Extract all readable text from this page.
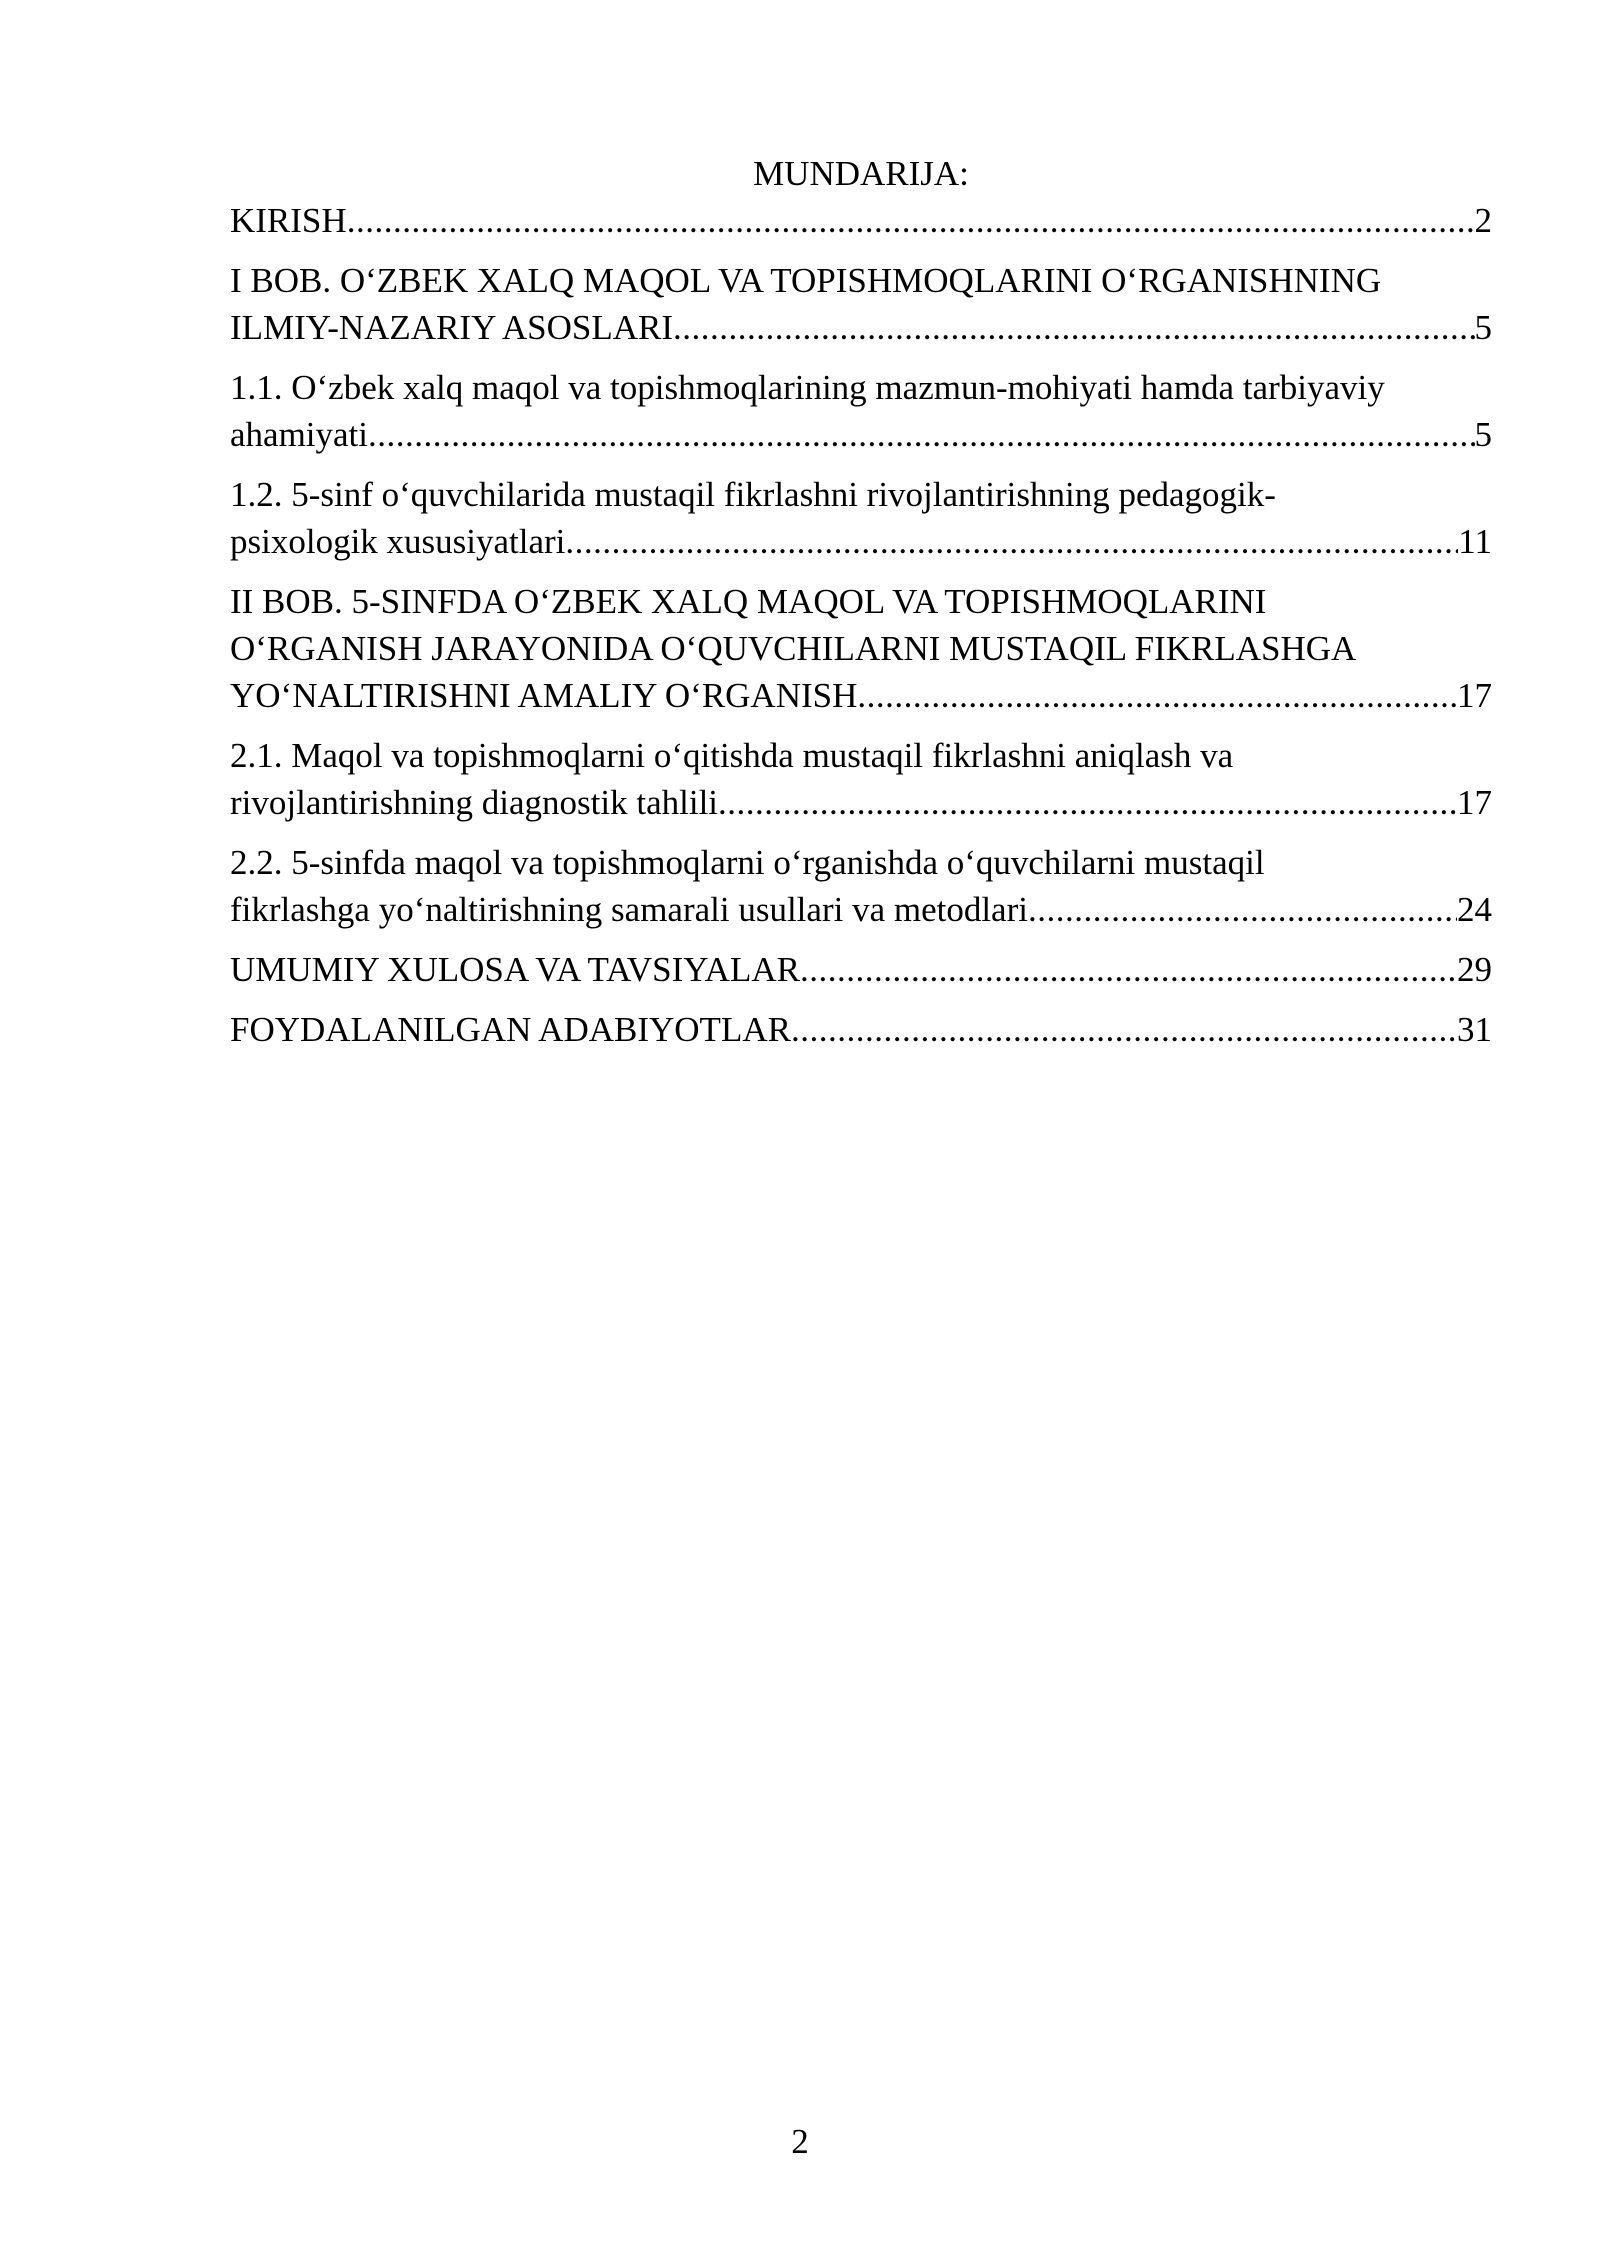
MUNDARIJA:
KIRISH .....	2
I BOB. O‘ZBEK XALQ MAQOL VA TOPISHMOQLARINI O‘RGANISHNING
ILMIY-NAZARIY ASOSLARI .....	5
1.1. O‘zbek xalq maqol va topishmoqlarining mazmun-mohiyati hamda tarbiyaviy
ahamiyati .....	5
1.2. 5-sinf o‘quvchilarida mustaqil fikrlashni rivojlantirishning pedagogik-
psixologik xususiyatlari .....	11
II BOB. 5-SINFDA O‘ZBEK XALQ MAQOL VA TOPISHMOQLARINI
O‘RGANISH JARAYONIDA O‘QUVCHILARNI MUSTAQIL FIKRLASHGA
YO‘NALTIRISHNI AMALIY O‘RGANISH .....	17
2.1. Maqol va topishmoqlarni o‘qitishda mustaqil fikrlashni aniqlash va
rivojlantirishning diagnostik tahlili .....	17
2.2. 5-sinfda maqol va topishmoqlarni o‘rganishda o‘quvchilarni mustaqil
fikrlashga yo‘naltirishning samarali usullari va metodlari .....	24
UMUMIY XULOSA VA TAVSIYALAR .....	29
FOYDALANILGAN ADABIYOTLAR .....	31
2
